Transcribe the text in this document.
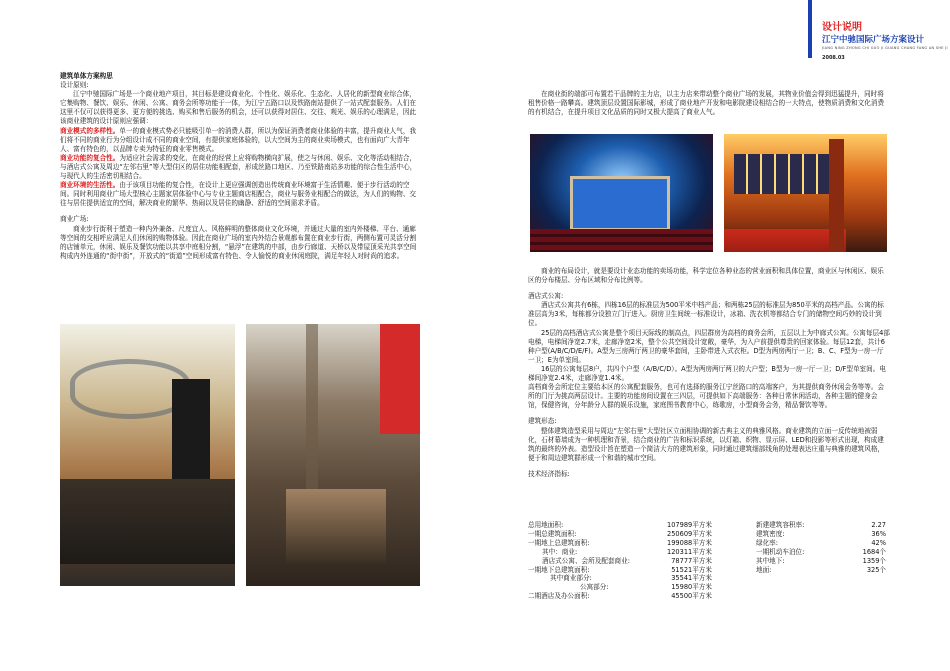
设计说明
江宁中驰国际广场方案设计
JIANG NING ZHONG CHI GUO JI GUANG CHANG FANG AN SHE JI
2008.03

建筑单体方案构思

设计原则:

江宁中驰国际广场是一个商业地产项目，其目标是建设商业化、个性化、娱乐化、生态化、人居化的新型商业综合体，它集购物、餐饮、娱乐、休闲、公寓、商务会所等功能于一体，为江宁五路口以及铁路南站提供了一站式配套服务。人们在这里不仅可以获得更多、更方便的挑选、购买和售后服务的机会，还可以获得对居住、交往、观光、娱乐的心理满足，因此该商业建筑的设计原则应强调：

商业模式的多样性。单一的商业模式势必只能吸引单一的消费人群，所以为保证消费者商业体验的丰富，提升商业人气，我们将不同的商业行为分组设计成不同的商业空间，有提供家庭体验的，以大空间为主的商业卖场模式，也有面向广大青年人、富有特色的，以品牌专卖为特征的商业零售模式。

商业功能的复合性。为适应社会需求的变化，在商业的经营上应将购物横向扩展，使之与休闲、娱乐、文化等活动相结合，与酒店式公寓及周边“左邻右里”等大型住区的居住功能相配套，形成丝路口地区、乃至铁路南站多功能的综合性生活中心，与现代人的生活密切相结合。

商业环境的生活性。由于该项目功能的复合性，在设计上更应强调创造出传统商业环境富于生活情趣、便于步行活动的空间。同时利用商业广场大型核心主题家居体验中心与专业主题商店相配合，商业与服务业相配合的做法，为人们的购物、交往与居住提供适宜的空间，解决商业的繁华、热闹以及居住的幽静、舒适的空间需求矛盾。

商业广场:

商业步行街利于塑造一种内外兼备、尺度宜人、风格鲜明的整体商业文化环境，并通过大量的室内外楼梯、平台、通廊等空间的交相呼应满足人们休闲的购物体验。因此在商业广场的室内外结合景观都布置在商业步行街，两侧布置可灵活分割的店铺单元，休闲、娱乐及餐饮功能以共享中庭相分割，“悬浮”在建筑的中部，由步行廊道、天桥以及带屋顶采光共享空间构成内外连通的“街中街”，开放式的“街道”空间形成富有特色、令人愉悦的商业休闲庭院，满足年轻人对时尚的追求。

在商业街的端部可布置若干品牌的主力店，以主力店来带动整个商业广场的发展，其物业价值会得到迅猛提升，同时将租售价格一路攀高。建筑顶层设置国际影城，形成了商业地产开发和电影院建设相结合的一大特点，使物质消费和文化消费的有机结合，在提升项目文化品质的同时又极大提高了商业人气。

商业的布局设计，就是要设计业态功能的卖场功能，科学定位各种业态的营业面积和具体位置，商业区与休闲区、娱乐区的分布楼层、分布区域和分布比例等。

酒店式公寓:

酒店式公寓共有6栋，四栋16层的标准层为500平米中档产品；和两栋25层的标准层为850平米的高档产品。公寓的标准层高为3米，每栋都分设独立门厅进入。厨房卫生间统一标准设计，冰箱、洗衣机等都结合专门的储物空间巧妙的设计到位。

25层的高档酒店式公寓是整个项目天际线的制高点，四层群房为高档的商务会所，五层以上为中廊式公寓。公寓每层4部电梯，电梯间净宽2.7米，走廊净宽2米，整个公共空间设计宽敞，豪华，为入户前提供尊贵的回家体验。每层12套，共计6种户型(A/B/C/D/E/F)。A型为三房两厅两卫的豪华套间，主卧带进入式衣柜。D型为两房两厅一卫；B、C、F型为一房一厅一卫；E为单室间。

16层的公寓每层8户，共四个户型（A/B/C/D）。A型为两房两厅两卫的大户型；B型为一房一厅一卫；D/F型单室间。电梯间净宽2.4米，走廊净宽1.4米。

高档商务会所定位主要给本区的公寓配套服务，也可有选择的服务江宁丝路口的高端客户，为其提供商务休闲会务等等。会所的门厅为挑高两层设计。主要的功能房间设置在三四层，可提供如下高端服务：各种日常休闲活动，各种主题的健身会馆，保健咨询，分年龄分人群的娱乐设施，家庭图书教育中心，练歌房，小型商务会务，精品餐饮等等。

建筑形态:

整体建筑造型采用与周边“左邻右里”大型社区立面相协调的新古典主义的典雅风格。商业建筑的立面一反传统地被弱化，石材幕墙成为一种机理和背景，结合商业的广告和标识系统，以灯箱、织物、显示屏、LED和投影等形式出现，构成建筑的最终的外表。造型设计旨在塑造一个简洁大方的建筑形象，同时通过建筑细部线角的处理表达庄重与典雅的建筑风格，便于和周边建筑群形成一个和谐的城市空间。

技术经济指标:

总用地面积:	107989平方米
一期总建筑面积:	250609平方米
一期地上总建筑面积:	199088平方米
其中：商业:	120311平方米
酒店式公寓、会所及配套商业:	78777平方米
一期地下总建筑面积:	51521平方米
其中商业部分:	35541平方米
公寓部分:	15980平方米
二期酒店及办公面积:	45500平方米
新建建筑容积率:	2.27
建筑密度:	36%
绿化率:	42%
一期机动车泊位:	1684个
其中地下:	1359个
地面:	325个
